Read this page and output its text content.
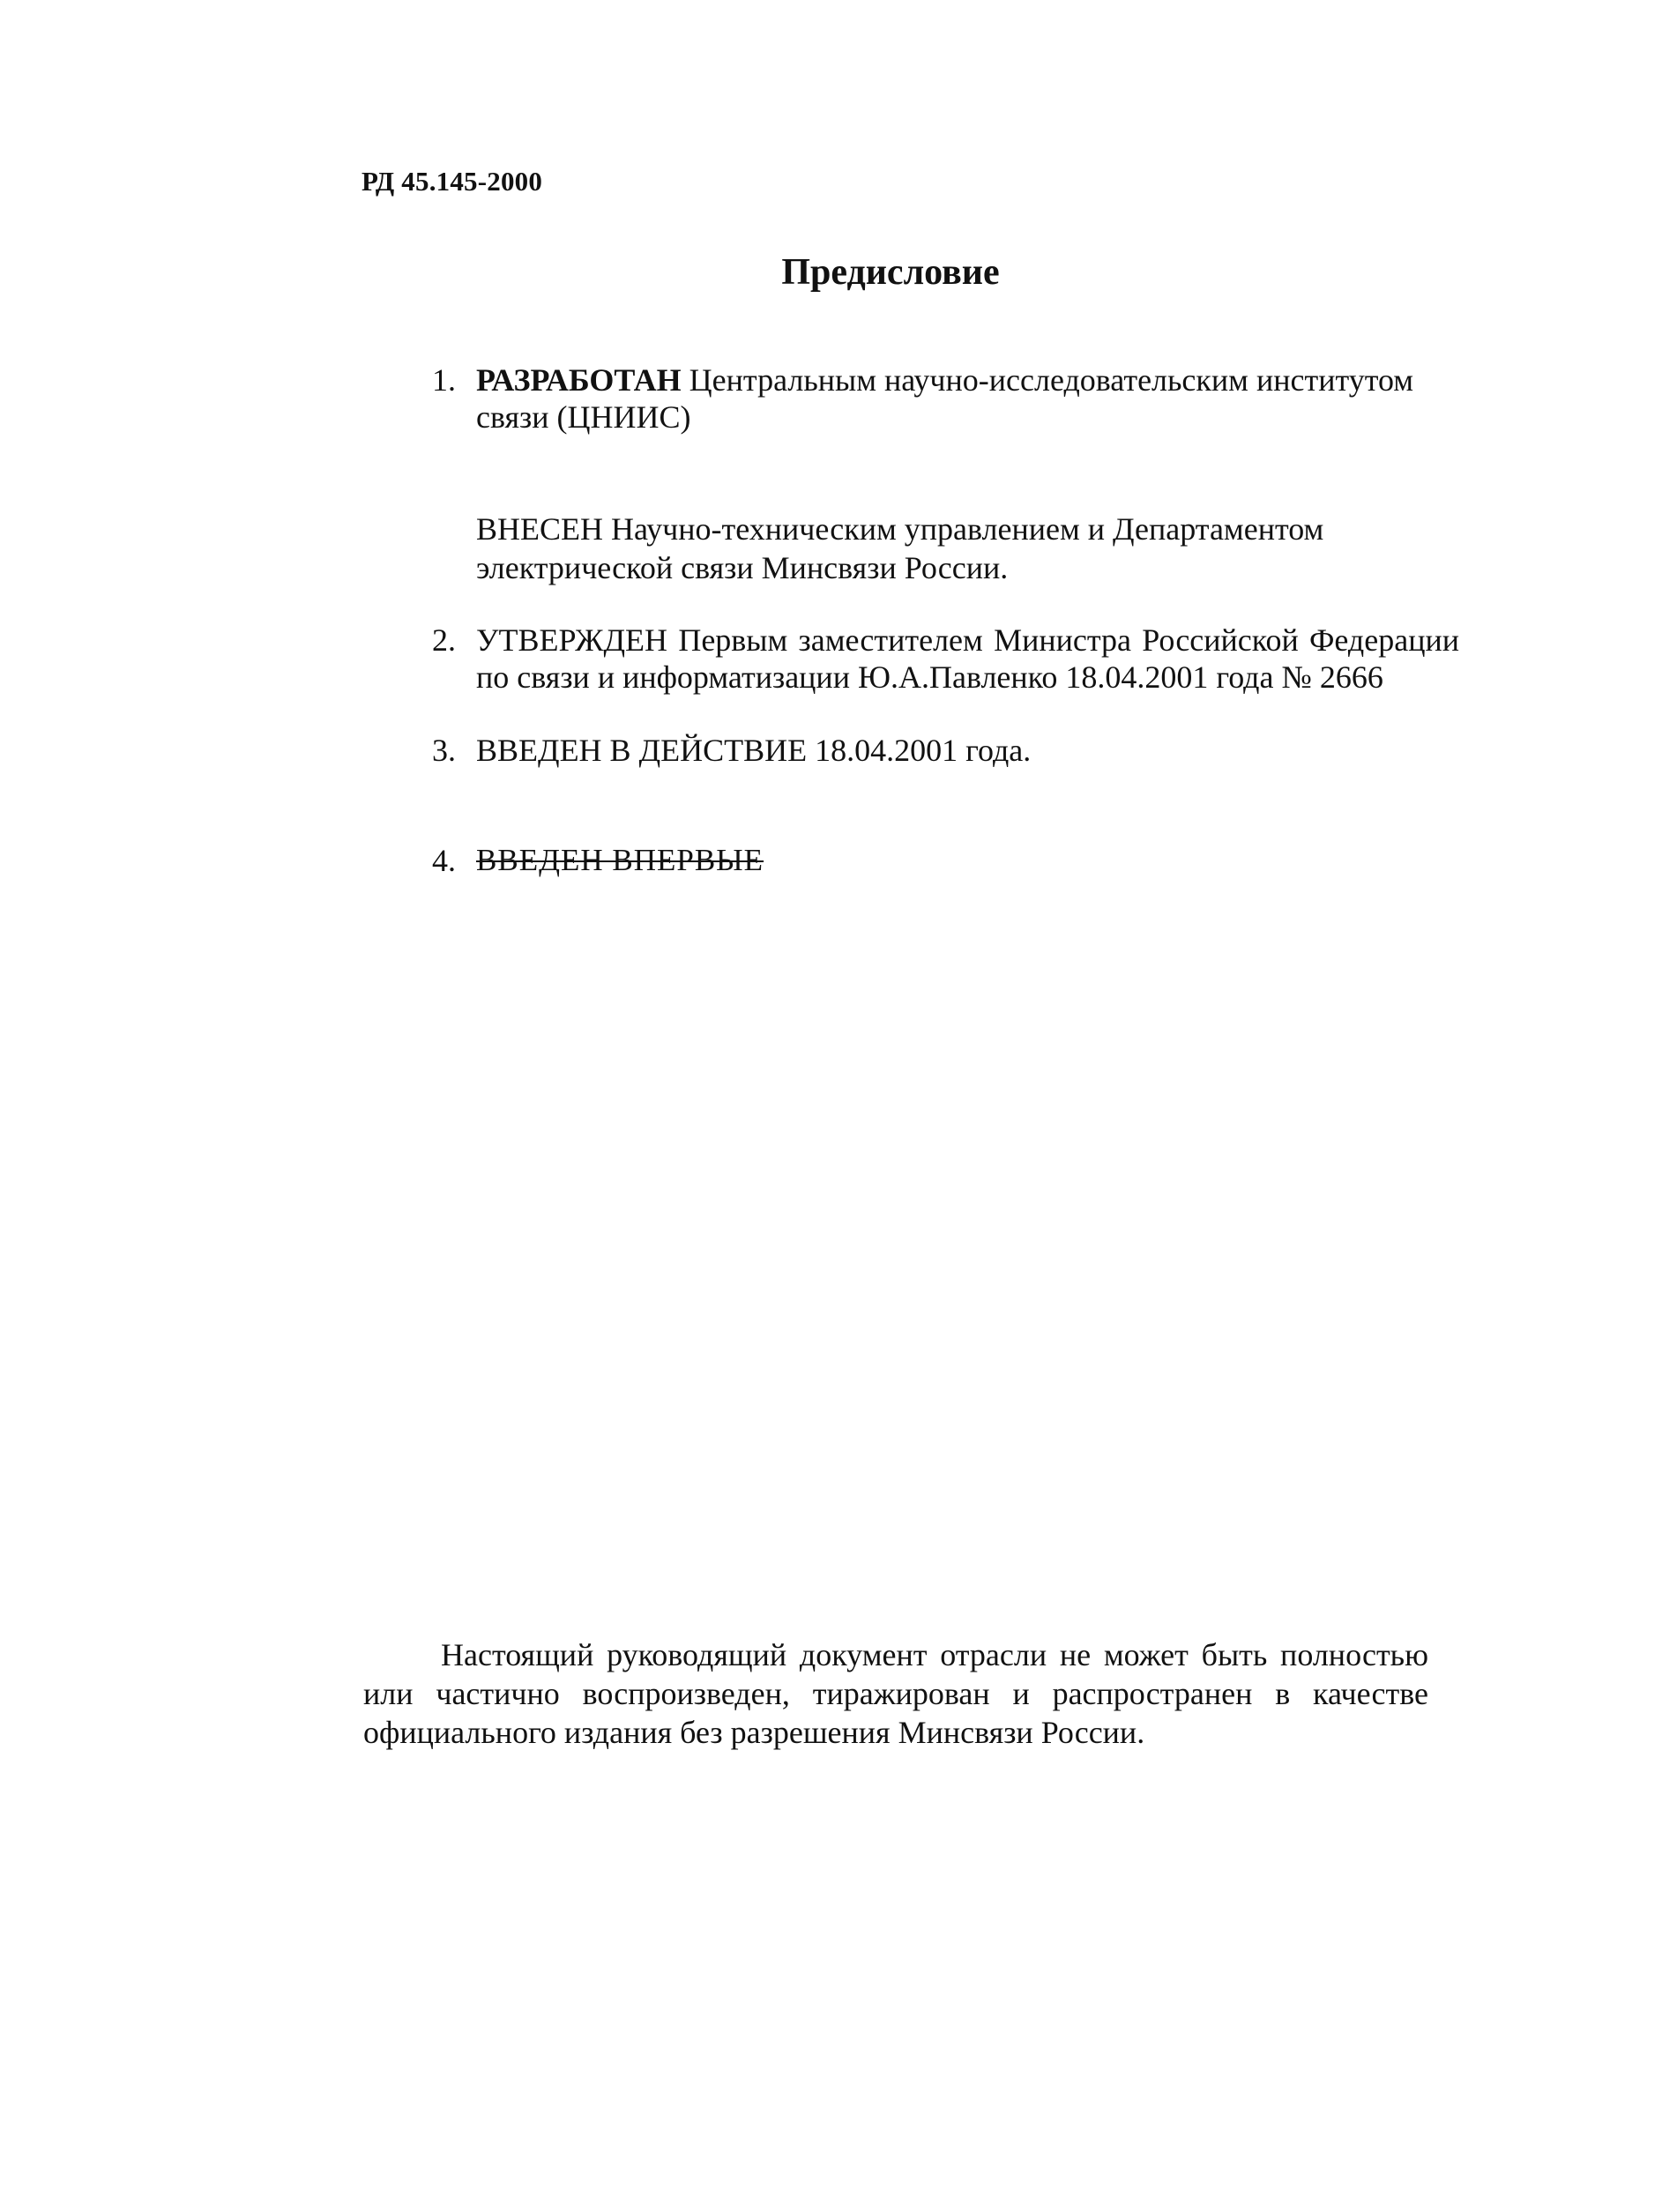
РД 45.145-2000
Предисловие
1. РАЗРАБОТАН Центральным научно-исследовательским институтом связи (ЦНИИС)
ВНЕСЕН Научно-техническим управлением и Департаментом электрической связи Минсвязи России.
2. УТВЕРЖДЕН Первым заместителем Министра Российской Федерации по связи и информатизации Ю.А.Павленко 18.04.2001 года № 2666
3. ВВЕДЕН В ДЕЙСТВИЕ 18.04.2001 года.
4. ВВЕДЕН ВПЕРВЫЕ
Настоящий руководящий документ отрасли не может быть полностью или частично воспроизведен, тиражирован и распространен в качестве официального издания без разрешения Минсвязи России.
